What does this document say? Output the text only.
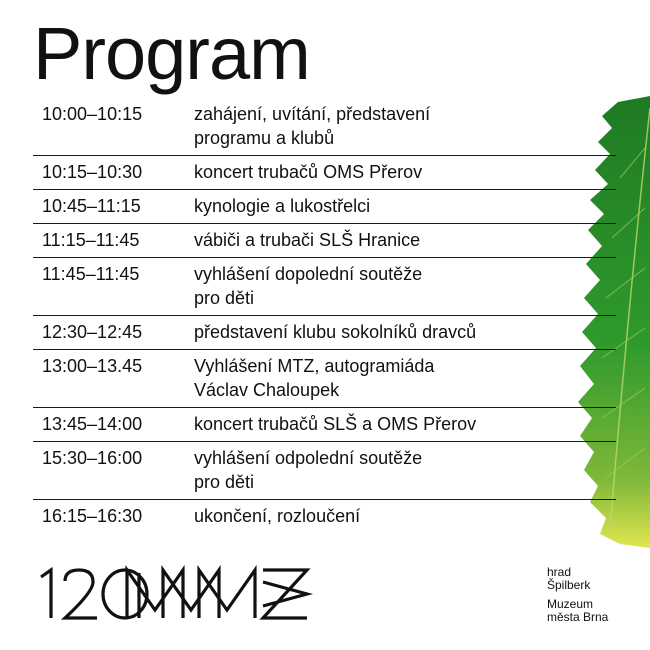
Program
10:00–10:15	zahájení, uvítání, představení
programu a klubů
10:15–10:30	koncert trubačů OMS Přerov
10:45–11:15	kynologie a lukostřelci
11:15–11:45	vábiči a trubači SLŠ Hranice
11:45–11:45	vyhlášení dopolední soutěže
pro děti
12:30–12:45	představení klubu sokolníků dravců
13:00–13.45	Vyhlášení MTZ, autogramiáda
Václav Chaloupek
13:45–14:00	koncert trubačů SLŠ a OMS Přerov
15:30–16:00	vyhlášení odpolední soutěže
pro děti
16:15–16:30	ukončení, rozloučení
hrad
Špilberk
Muzeum
města Brna
